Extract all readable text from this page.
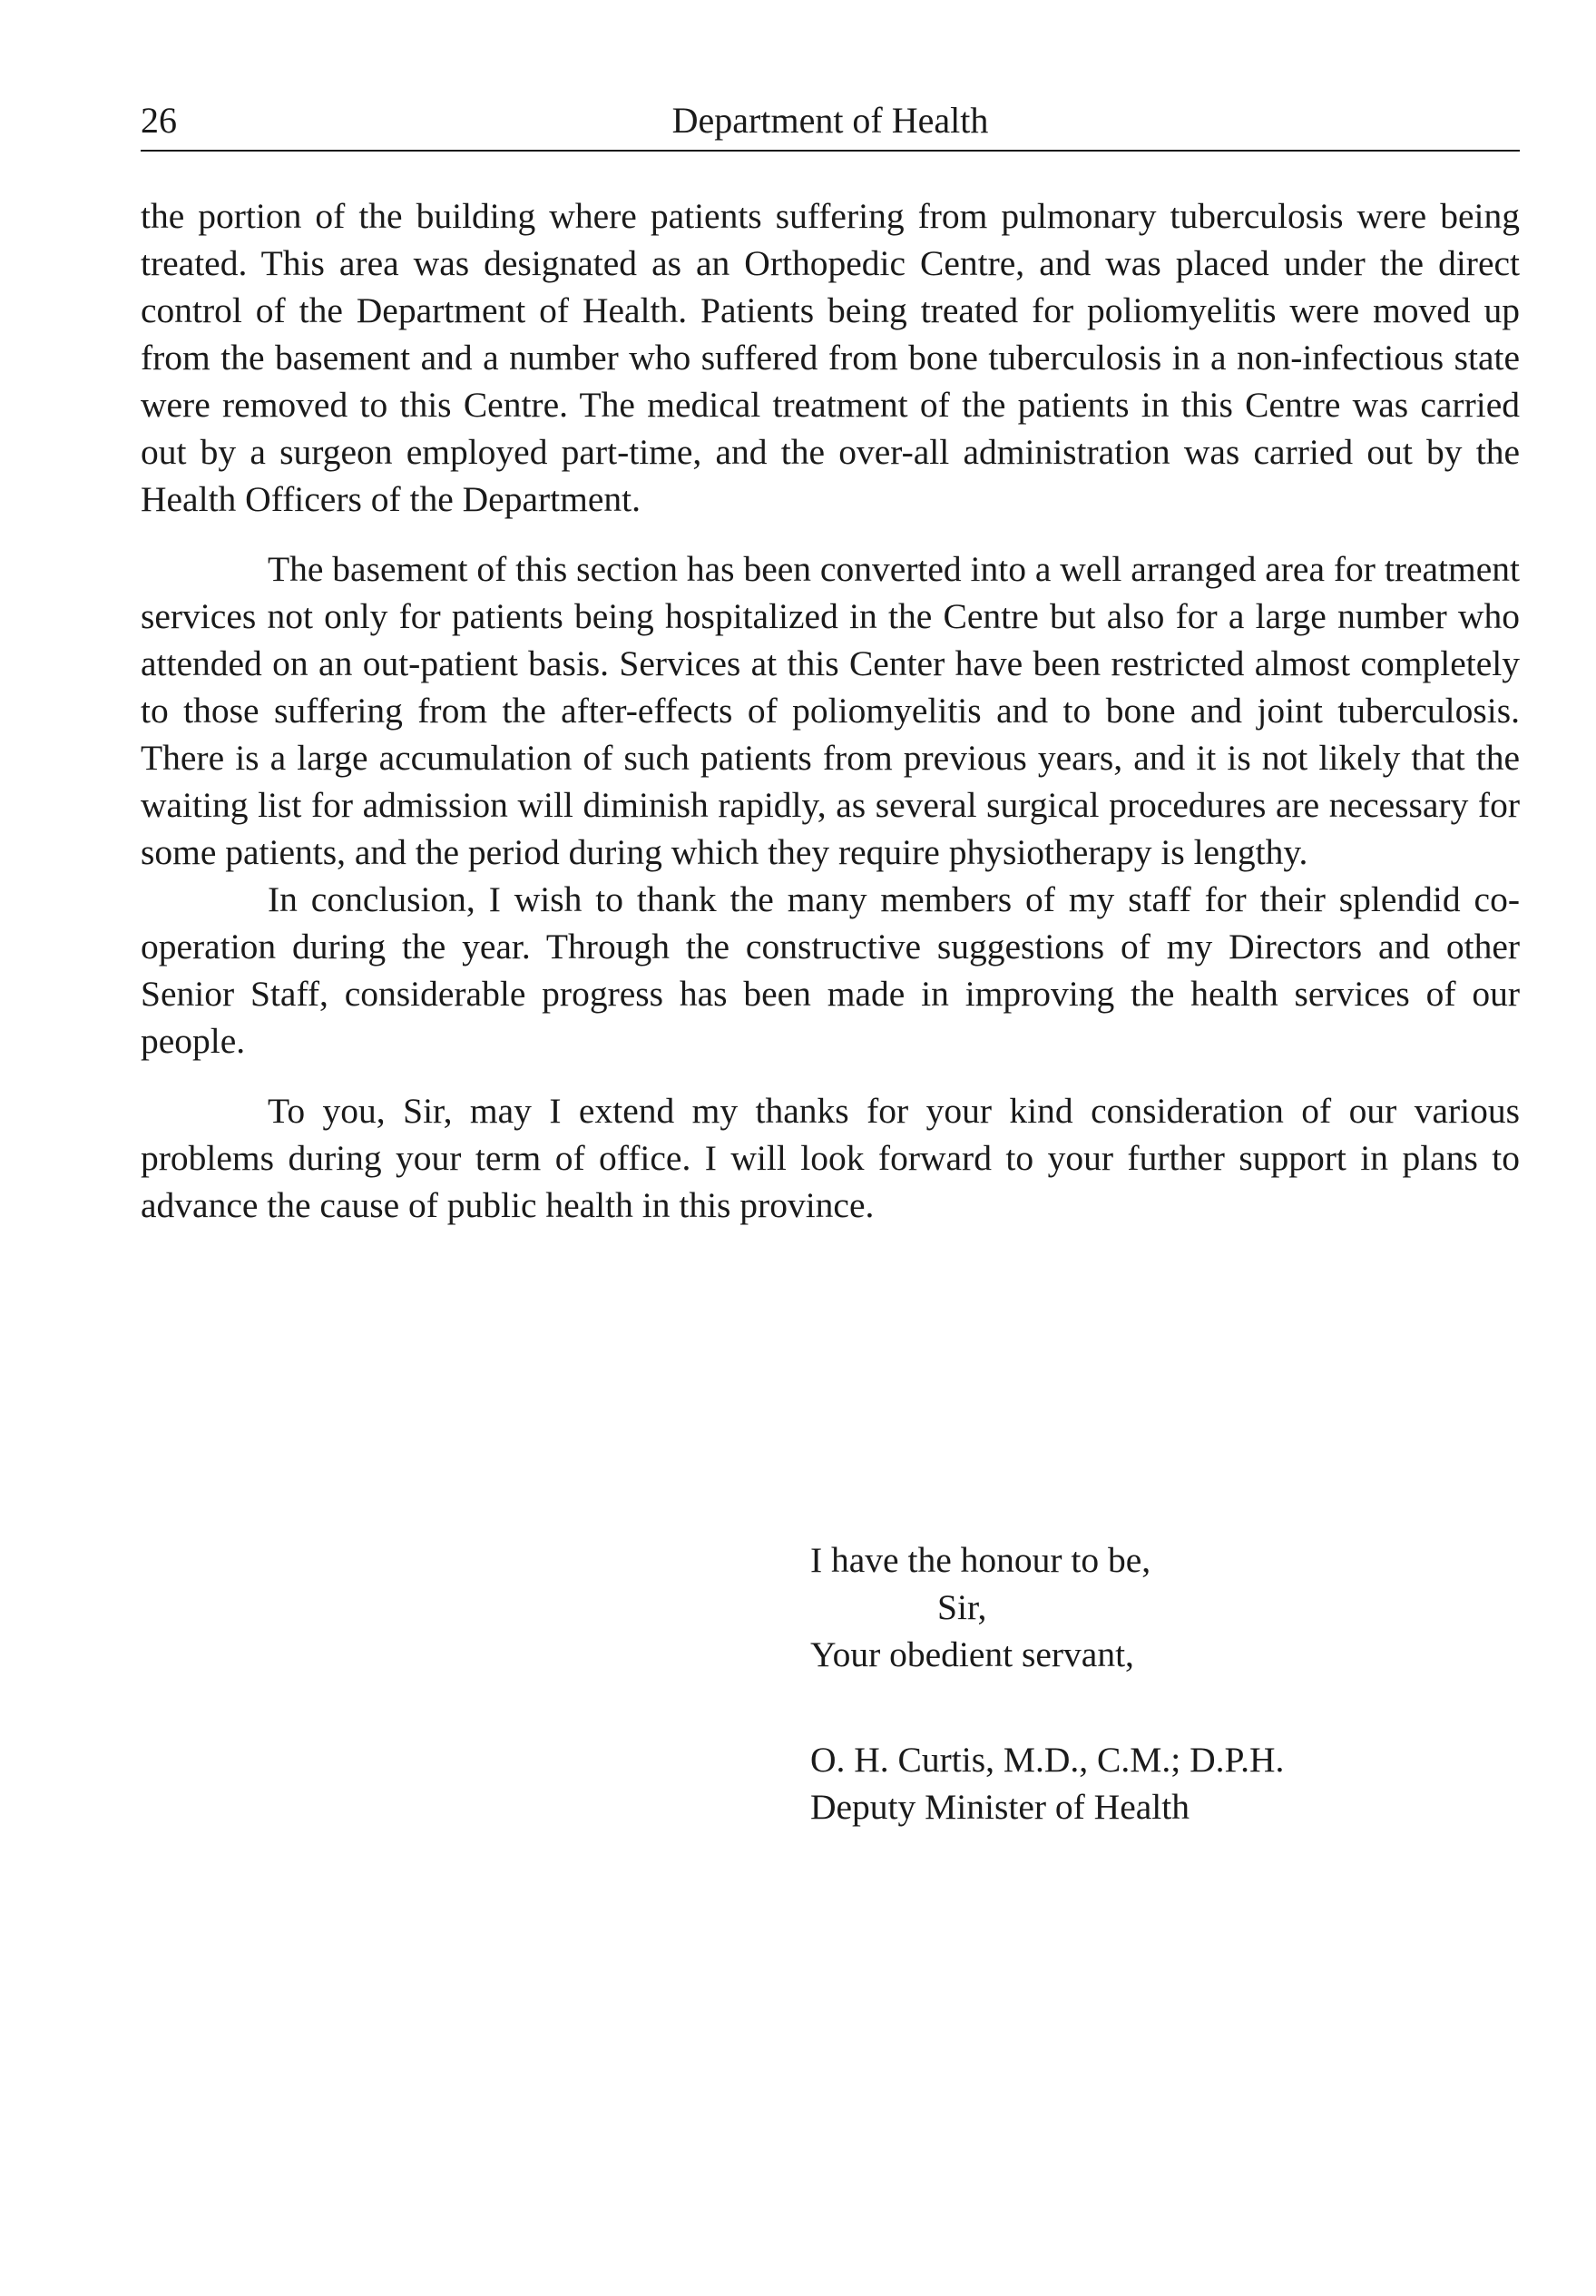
26	Department of Health

the portion of the building where patients suffering from pulmonary tuberculosis were being treated. This area was designated as an Orthopedic Centre, and was placed under the direct control of the Department of Health. Patients being treated for poliomyelitis were moved up from the basement and a number who suffered from bone tuberculosis in a non-infectious state were removed to this Centre. The medical treatment of the patients in this Centre was carried out by a surgeon employed part-time, and the over-all administration was carried out by the Health Officers of the Department.

The basement of this section has been converted into a well arranged area for treatment services not only for patients being hospitalized in the Centre but also for a large number who attended on an out-patient basis. Services at this Center have been restricted almost completely to those suffering from the after-effects of poliomyelitis and to bone and joint tuberculosis. There is a large accumulation of such patients from previous years, and it is not likely that the waiting list for admission will diminish rapidly, as several surgical procedures are necessary for some patients, and the period during which they require physiotherapy is lengthy.

In conclusion, I wish to thank the many members of my staff for their splendid co-operation during the year. Through the constructive suggestions of my Directors and other Senior Staff, considerable progress has been made in improving the health services of our people.

To you, Sir, may I extend my thanks for your kind consideration of our various problems during your term of office. I will look forward to your further support in plans to advance the cause of public health in this province.

I have the honour to be,
Sir,
Your obedient servant,
O. H. Curtis, M.D., C.M.; D.P.H.
Deputy Minister of Health
